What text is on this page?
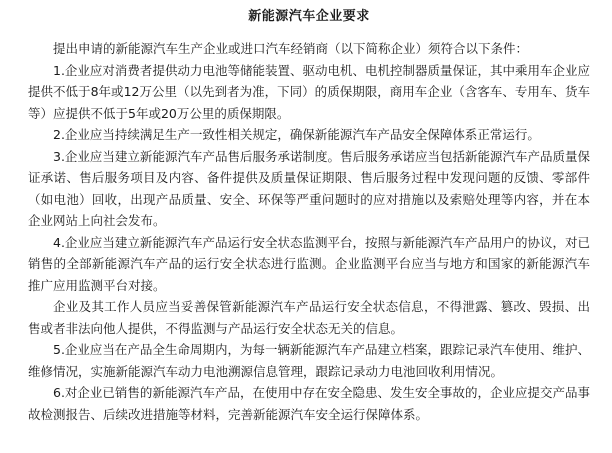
新能源汽车企业要求

提出申请的新能源汽车生产企业或进口汽车经销商（以下简称企业）须符合以下条件：

1.企业应对消费者提供动力电池等储能装置、驱动电机、电机控制器质量保证，其中乘用车企业应提供不低于8年或12万公里（以先到者为准，下同）的质保期限，商用车企业（含客车、专用车、货车等）应提供不低于5年或20万公里的质保期限。

2.企业应当持续满足生产一致性相关规定，确保新能源汽车产品安全保障体系正常运行。

3.企业应当建立新能源汽车产品售后服务承诺制度。售后服务承诺应当包括新能源汽车产品质量保证承诺、售后服务项目及内容、备件提供及质量保证期限、售后服务过程中发现问题的反馈、零部件（如电池）回收，出现产品质量、安全、环保等严重问题时的应对措施以及索赔处理等内容，并在本企业网站上向社会发布。

4.企业应当建立新能源汽车产品运行安全状态监测平台，按照与新能源汽车产品用户的协议，对已销售的全部新能源汽车产品的运行安全状态进行监测。企业监测平台应当与地方和国家的新能源汽车推广应用监测平台对接。

企业及其工作人员应当妥善保管新能源汽车产品运行安全状态信息，不得泄露、篡改、毁损、出售或者非法向他人提供，不得监测与产品运行安全状态无关的信息。

5.企业应当在产品全生命周期内，为每一辆新能源汽车产品建立档案，跟踪记录汽车使用、维护、维修情况，实施新能源汽车动力电池溯源信息管理，跟踪记录动力电池回收利用情况。

6.对企业已销售的新能源汽车产品，在使用中存在安全隐患、发生安全事故的，企业应提交产品事故检测报告、后续改进措施等材料，完善新能源汽车安全运行保障体系。
